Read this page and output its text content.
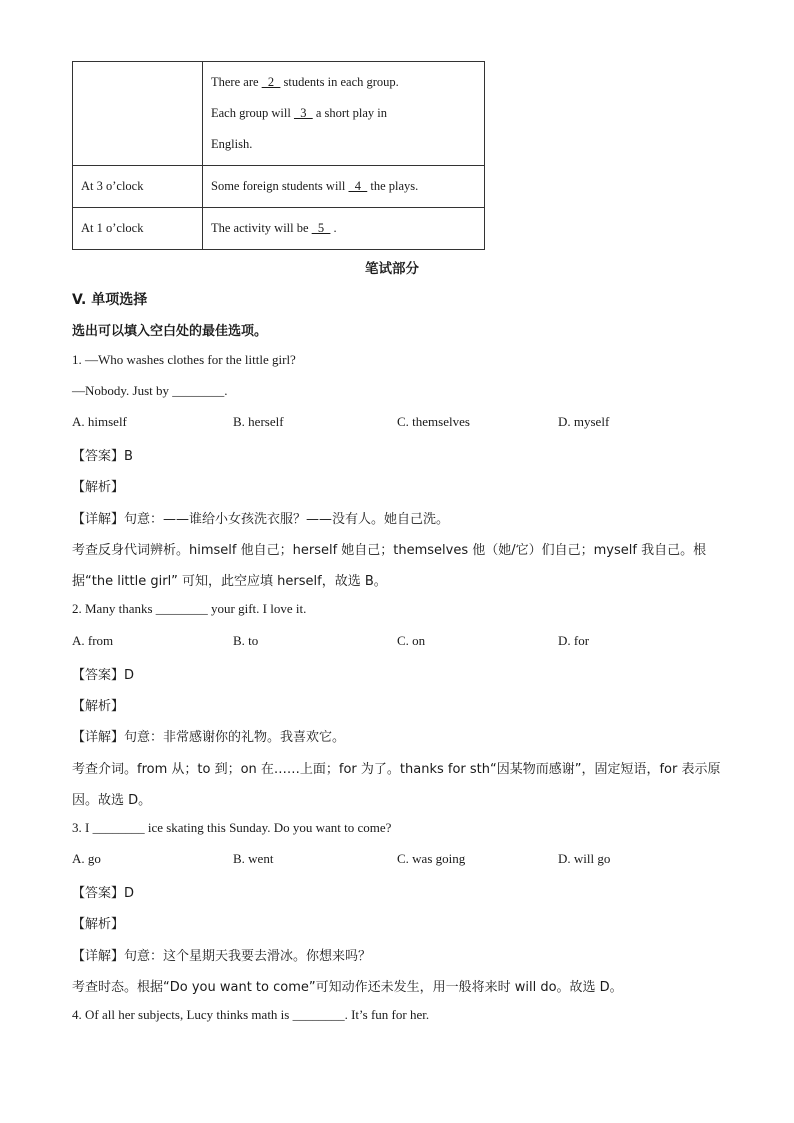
	There are   2   students in each group.
Each group will   3   a short play in
English.

At 3 o’clock	Some foreign students will   4   the plays.
At 1 o’clock	The activity will be   5   .
笔试部分
V. 单项选择
选出可以填入空白处的最佳选项。
1. —Who washes clothes for the little girl?
—Nobody. Just by ________.
A. himself	B. herself	C. themselves	D. myself
【答案】B
【解析】
【详解】句意：——谁给小女孩洗衣服？——没有人。她自己洗。
考查反身代词辨析。himself 他自己；herself 她自己；themselves 他（她/它）们自己；myself 我自己。根
据“the little girl” 可知，此空应填 herself，故选 B。
2. Many thanks ________ your gift. I love it.
A. from	B. to	C. on	D. for
【答案】D
【解析】
【详解】句意：非常感谢你的礼物。我喜欢它。
考查介词。from 从；to 到；on 在……上面；for 为了。thanks for sth“因某物而感谢”，固定短语，for 表示原
因。故选 D。
3. I ________ ice skating this Sunday. Do you want to come?
A. go	B. went	C. was going	D. will go
【答案】D
【解析】
【详解】句意：这个星期天我要去滑冰。你想来吗？
考查时态。根据“Do you want to come”可知动作还未发生，用一般将来时 will do。故选 D。
4. Of all her subjects, Lucy thinks math is ________. It’s fun for her.
